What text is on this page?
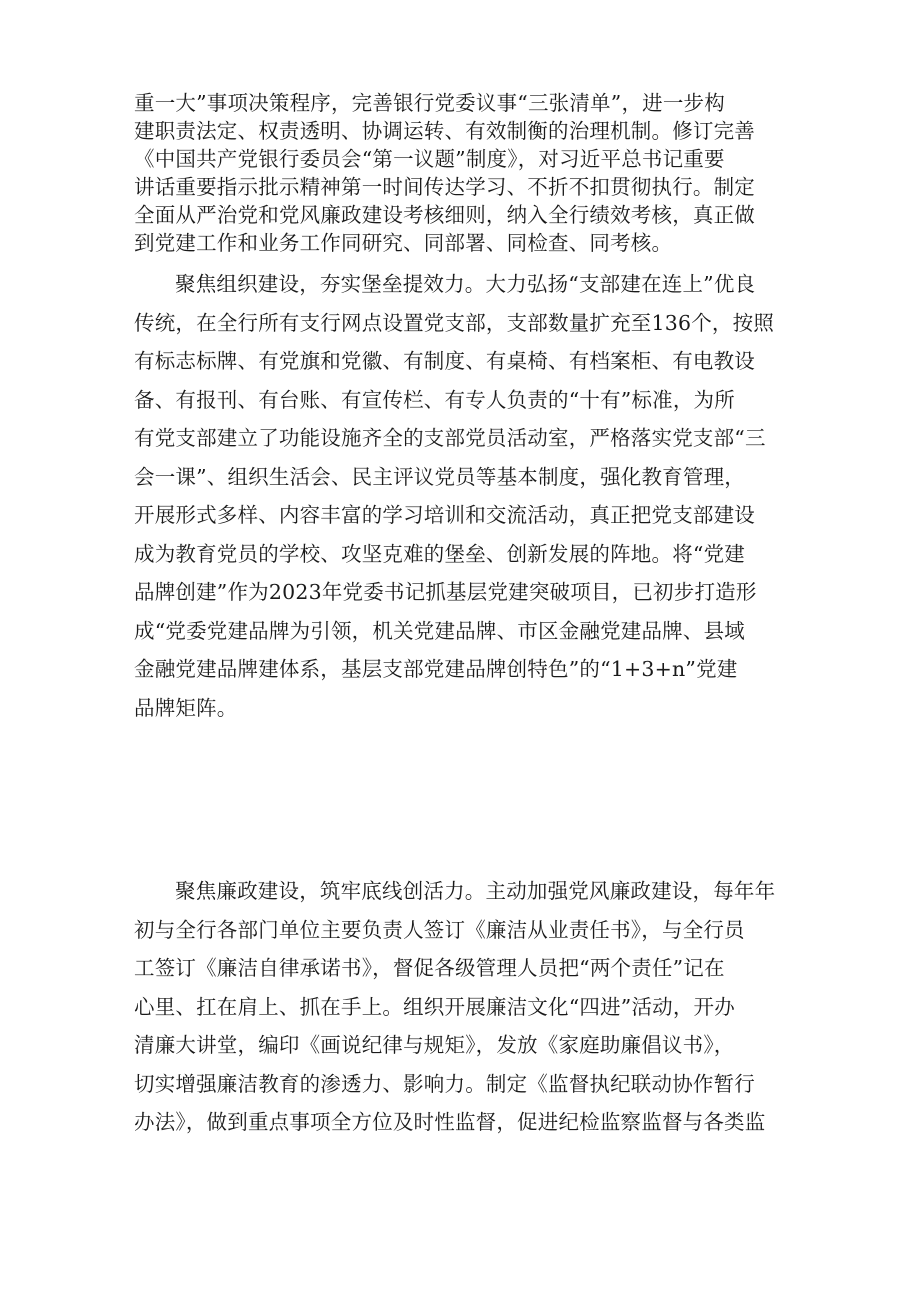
重一大”事项决策程序，完善银行党委议事“三张清单”，进一步构
建职责法定、权责透明、协调运转、有效制衡的治理机制。修订完善
《中国共产党银行委员会“第一议题”制度》，对习近平总书记重要
讲话重要指示批示精神第一时间传达学习、不折不扣贯彻执行。制定
全面从严治党和党风廉政建设考核细则，纳入全行绩效考核，真正做
到党建工作和业务工作同研究、同部署、同检查、同考核。
聚焦组织建设，夯实堡垒提效力。大力弘扬“支部建在连上”优良
传统，在全行所有支行网点设置党支部，支部数量扩充至136个，按照
有标志标牌、有党旗和党徽、有制度、有桌椅、有档案柜、有电教设
备、有报刊、有台账、有宣传栏、有专人负责的“十有”标准，为所
有党支部建立了功能设施齐全的支部党员活动室，严格落实党支部“三
会一课”、组织生活会、民主评议党员等基本制度，强化教育管理，
开展形式多样、内容丰富的学习培训和交流活动，真正把党支部建设
成为教育党员的学校、攻坚克难的堡垒、创新发展的阵地。将“党建
品牌创建”作为2023年党委书记抓基层党建突破项目，已初步打造形
成“党委党建品牌为引领，机关党建品牌、市区金融党建品牌、县域
金融党建品牌建体系，基层支部党建品牌创特色”的“1+3+n”党建
品牌矩阵。
聚焦廉政建设，筑牢底线创活力。主动加强党风廉政建设，每年年
初与全行各部门单位主要负责人签订《廉洁从业责任书》，与全行员
工签订《廉洁自律承诺书》，督促各级管理人员把“两个责任”记在
心里、扛在肩上、抓在手上。组织开展廉洁文化“四进”活动，开办
清廉大讲堂，编印《画说纪律与规矩》，发放《家庭助廉倡议书》，
切实增强廉洁教育的渗透力、影响力。制定《监督执纪联动协作暂行
办法》，做到重点事项全方位及时性监督，促进纪检监察监督与各类监
